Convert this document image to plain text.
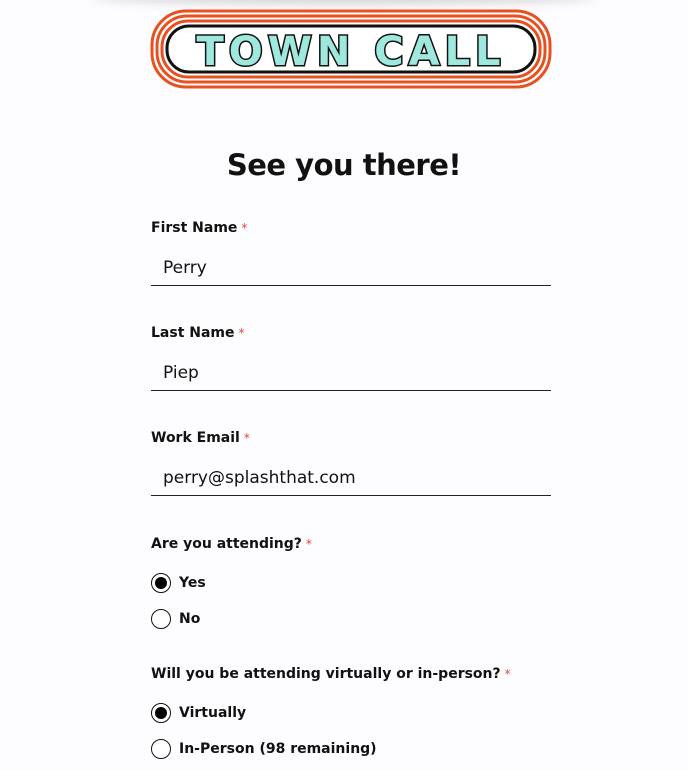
TOWN CALL
See you there!
First Name *
Perry
Last Name *
Piep
Work Email *
perry@splashthat.com
Are you attending? *
Yes
No
Will you be attending virtually or in-person? *
Virtually
In-Person (98 remaining)
